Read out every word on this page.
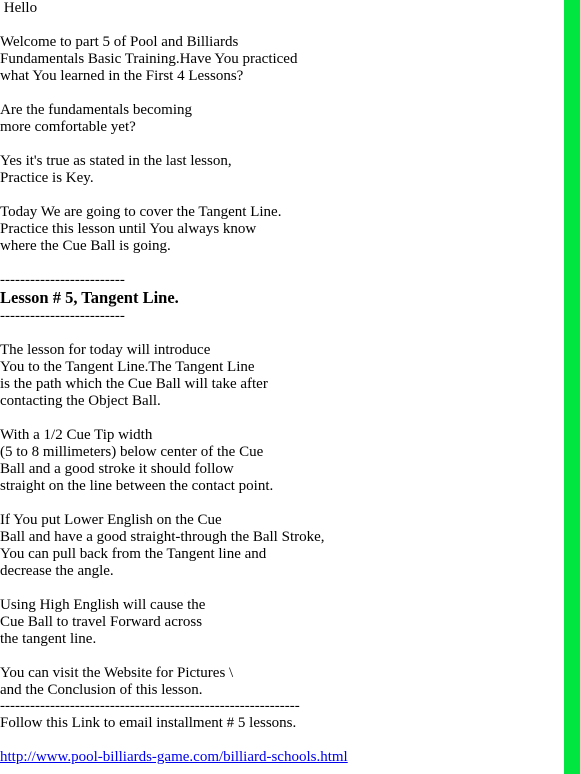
Hello
Welcome to part 5 of Pool and Billiards
Fundamentals Basic Training.Have You practiced
what You learned in the First 4 Lessons?
Are the fundamentals becoming
more comfortable yet?
Yes it's true as stated in the last lesson,
Practice is Key.
Today We are going to cover the Tangent Line.
Practice this lesson until You always know
where the Cue Ball is going.
-------------------------
Lesson # 5, Tangent Line.
-------------------------
The lesson for today will introduce
You to the Tangent Line.The Tangent Line
is the path which the Cue Ball will take after
contacting the Object Ball.
With a 1/2 Cue Tip width
(5 to 8 millimeters) below center of the Cue
Ball and a good stroke it should follow
straight on the line between the contact point.
If You put Lower English on the Cue
Ball and have a good straight-through the Ball Stroke,
You can pull back from the Tangent line and
decrease the angle.
Using High English will cause the
Cue Ball to travel Forward across
the tangent line.
You can visit the Website for Pictures \
and the Conclusion of this lesson.
------------------------------------------------------------
Follow this Link to email installment # 5 lessons.
http://www.pool-billiards-game.com/billiard-schools.html
